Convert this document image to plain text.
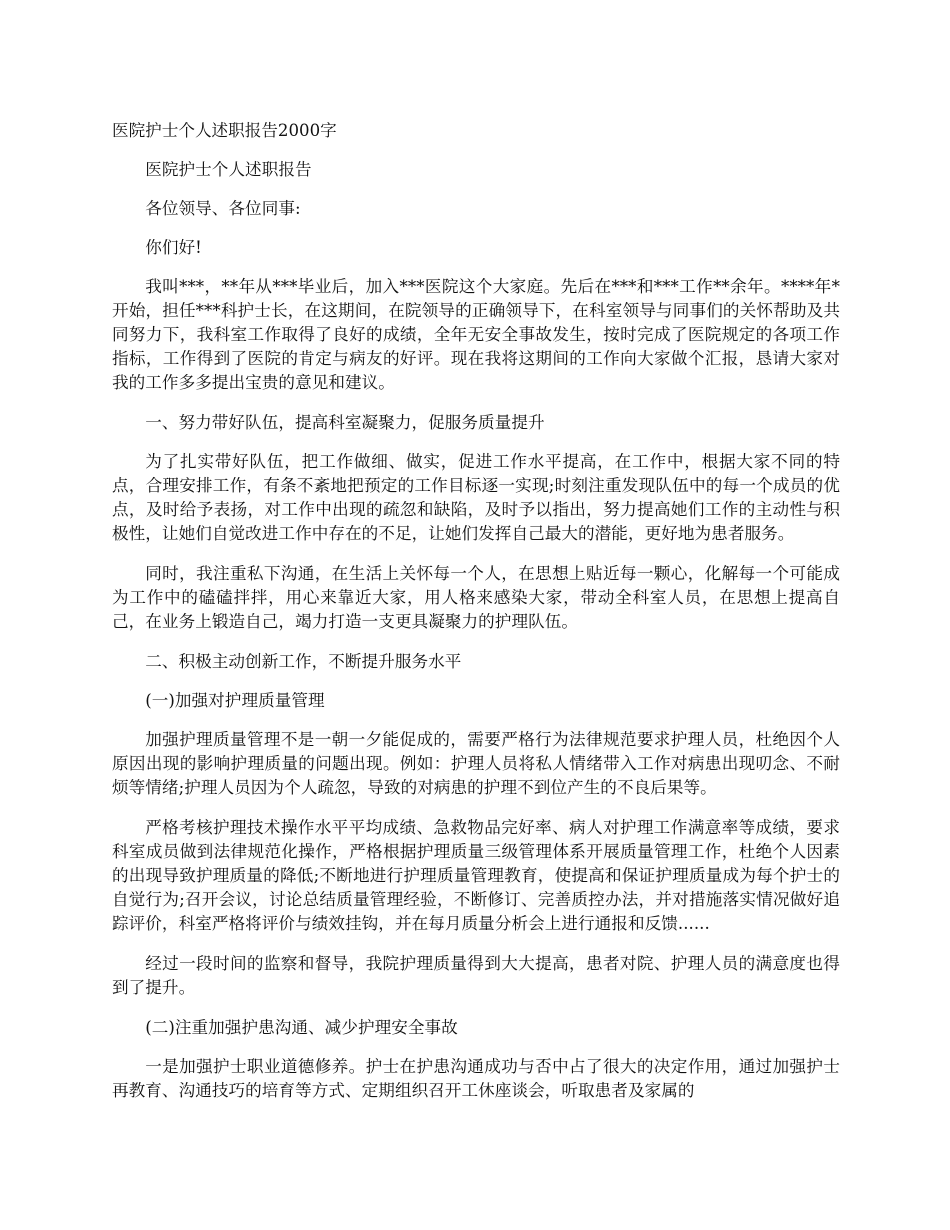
医院护士个人述职报告2000字

医院护士个人述职报告

各位领导、各位同事:

你们好!

我叫***，**年从***毕业后，加入***医院这个大家庭。先后在***和***工作**余年。****年*开始，担任***科护士长，在这期间，在院领导的正确领导下，在科室领导与同事们的关怀帮助及共同努力下，我科室工作取得了良好的成绩，全年无安全事故发生，按时完成了医院规定的各项工作指标，工作得到了医院的肯定与病友的好评。现在我将这期间的工作向大家做个汇报，恳请大家对我的工作多多提出宝贵的意见和建议。

一、努力带好队伍，提高科室凝聚力，促服务质量提升

为了扎实带好队伍，把工作做细、做实，促进工作水平提高，在工作中，根据大家不同的特点，合理安排工作，有条不紊地把预定的工作目标逐一实现;时刻注重发现队伍中的每一个成员的优点，及时给予表扬，对工作中出现的疏忽和缺陷，及时予以指出，努力提高她们工作的主动性与积极性，让她们自觉改进工作中存在的不足，让她们发挥自己最大的潜能，更好地为患者服务。

同时，我注重私下沟通，在生活上关怀每一个人，在思想上贴近每一颗心，化解每一个可能成为工作中的磕磕拌拌，用心来靠近大家，用人格来感染大家，带动全科室人员，在思想上提高自己，在业务上锻造自己，竭力打造一支更具凝聚力的护理队伍。

二、积极主动创新工作，不断提升服务水平

(一)加强对护理质量管理

加强护理质量管理不是一朝一夕能促成的，需要严格行为法律规范要求护理人员，杜绝因个人原因出现的影响护理质量的问题出现。例如：护理人员将私人情绪带入工作对病患出现叨念、不耐烦等情绪;护理人员因为个人疏忽，导致的对病患的护理不到位产生的不良后果等。

严格考核护理技术操作水平平均成绩、急救物品完好率、病人对护理工作满意率等成绩，要求科室成员做到法律规范化操作，严格根据护理质量三级管理体系开展质量管理工作，杜绝个人因素的出现导致护理质量的降低;不断地进行护理质量管理教育，使提高和保证护理质量成为每个护士的自觉行为;召开会议，讨论总结质量管理经验，不断修订、完善质控办法，并对措施落实情况做好追踪评价，科室严格将评价与绩效挂钩，并在每月质量分析会上进行通报和反馈......

经过一段时间的监察和督导，我院护理质量得到大大提高，患者对院、护理人员的满意度也得到了提升。

(二)注重加强护患沟通、减少护理安全事故

一是加强护士职业道德修养。护士在护患沟通成功与否中占了很大的决定作用，通过加强护士再教育、沟通技巧的培育等方式、定期组织召开工休座谈会，听取患者及家属的
